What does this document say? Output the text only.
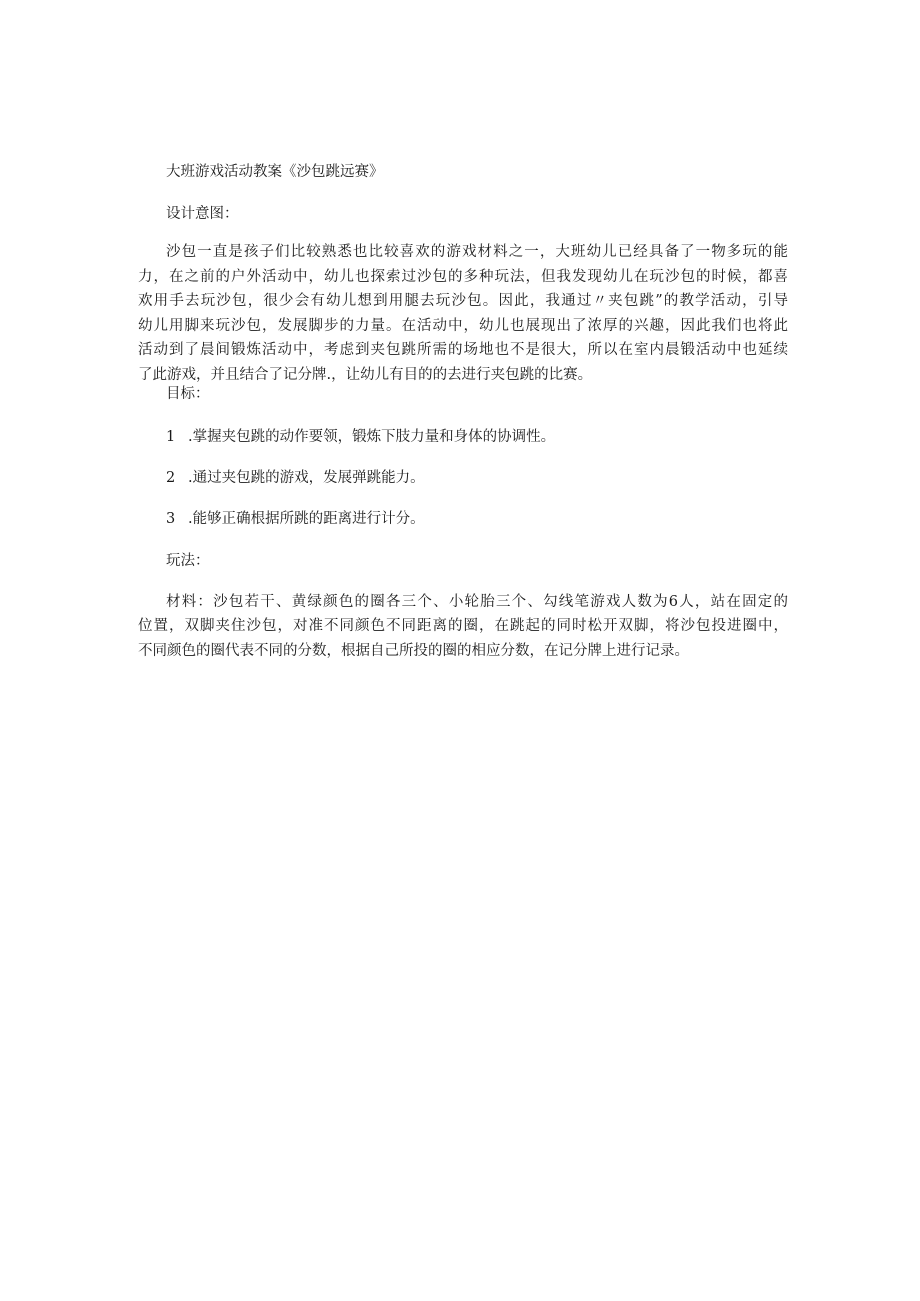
大班游戏活动教案《沙包跳远赛》
设计意图：
沙包一直是孩子们比较熟悉也比较喜欢的游戏材料之一，大班幼儿已经具备了一物多玩的能
力，在之前的户外活动中，幼儿也探索过沙包的多种玩法，但我发现幼儿在玩沙包的时候，都喜
欢用手去玩沙包，很少会有幼儿想到用腿去玩沙包。因此，我通过〃夹包跳”的教学活动，引导
幼儿用脚来玩沙包，发展脚步的力量。在活动中，幼儿也展现出了浓厚的兴趣，因此我们也将此
活动到了晨间锻炼活动中，考虑到夹包跳所需的场地也不是很大，所以在室内晨锻活动中也延续
了此游戏，并且结合了记分牌.，让幼儿有目的的去进行夹包跳的比赛。
目标：
1 .掌握夹包跳的动作要领，锻炼下肢力量和身体的协调性。
2 .通过夹包跳的游戏，发展弹跳能力。
3 .能够正确根据所跳的距离进行计分。
玩法：
材料：沙包若干、黄绿颜色的圈各三个、小轮胎三个、勾线笔游戏人数为6人，站在固定的
位置，双脚夹住沙包，对准不同颜色不同距离的圈，在跳起的同时松开双脚，将沙包投进圈中，
不同颜色的圈代表不同的分数，根据自己所投的圈的相应分数，在记分牌上进行记录。
